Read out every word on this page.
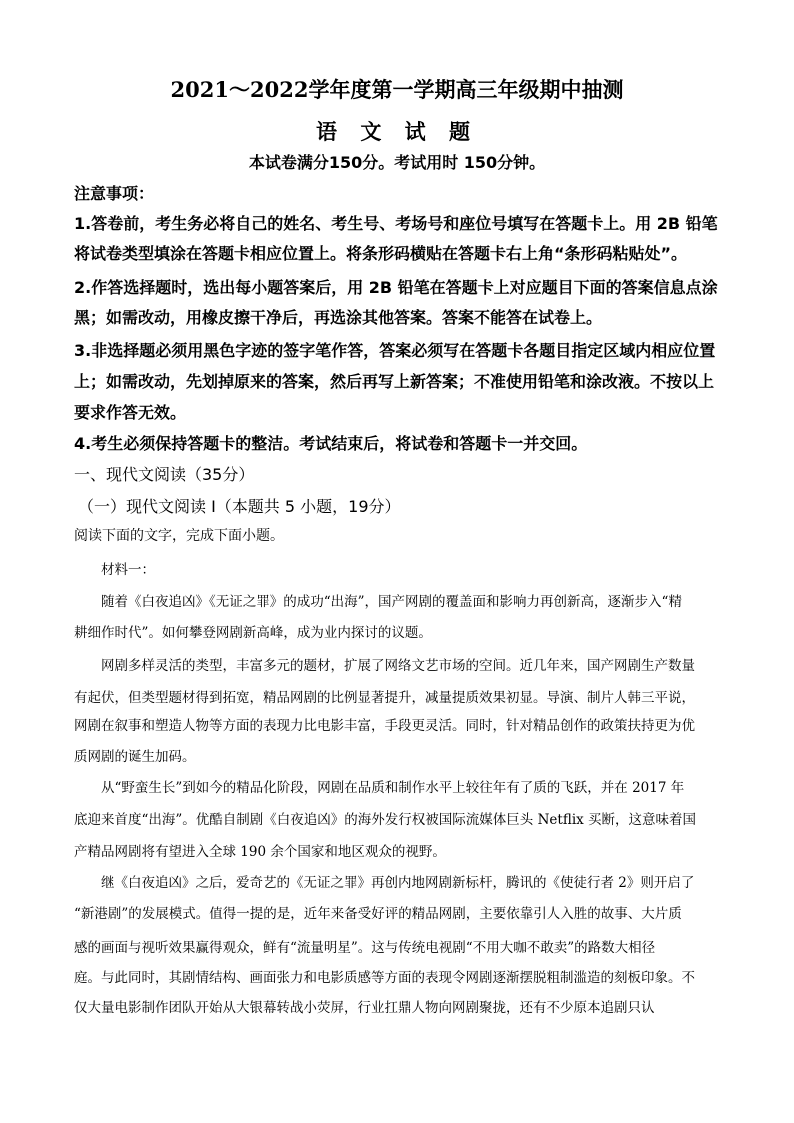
2021～2022学年度第一学期高三年级期中抽测
语 文 试 题
本试卷满分150分。考试用时 150分钟。
注意事项：
1.答卷前，考生务必将自己的姓名、考生号、考场号和座位号填写在答题卡上。用 2B 铅笔
将试卷类型填涂在答题卡相应位置上。将条形码横贴在答题卡右上角“条形码粘贴处”。
2.作答选择题时，选出每小题答案后，用 2B 铅笔在答题卡上对应题目下面的答案信息点涂
黑；如需改动，用橡皮擦干净后，再选涂其他答案。答案不能答在试卷上。
3.非选择题必须用黑色字迹的签字笔作答，答案必须写在答题卡各题目指定区域内相应位置
上；如需改动，先划掉原来的答案，然后再写上新答案；不准使用铅笔和涂改液。不按以上
要求作答无效。
4.考生必须保持答题卡的整洁。考试结束后，将试卷和答题卡一并交回。
一、现代文阅读（35分）
（一）现代文阅读 I（本题共 5 小题，19分）
阅读下面的文字，完成下面小题。
材料一：
随着《白夜追凶》《无证之罪》的成功“出海”，国产网剧的覆盖面和影响力再创新高，逐渐步入“精
耕细作时代”。如何攀登网剧新高峰，成为业内探讨的议题。
网剧多样灵活的类型，丰富多元的题材，扩展了网络文艺市场的空间。近几年来，国产网剧生产数量
有起伏，但类型题材得到拓宽，精品网剧的比例显著提升，减量提质效果初显。导演、制片人韩三平说，
网剧在叙事和塑造人物等方面的表现力比电影丰富，手段更灵活。同时，针对精品创作的政策扶持更为优
质网剧的诞生加码。
从“野蛮生长”到如今的精品化阶段，网剧在品质和制作水平上较往年有了质的飞跃，并在 2017 年
底迎来首度“出海”。优酷自制剧《白夜追凶》的海外发行权被国际流媒体巨头 Netflix 买断，这意味着国
产精品网剧将有望进入全球 190 余个国家和地区观众的视野。
继《白夜追凶》之后，爱奇艺的《无证之罪》再创内地网剧新标杆，腾讯的《使徒行者 2》则开启了
“新港剧”的发展模式。值得一提的是，近年来备受好评的精品网剧，主要依靠引人入胜的故事、大片质
感的画面与视听效果赢得观众，鲜有“流量明星”。这与传统电视剧“不用大咖不敢卖”的路数大相径
庭。与此同时，其剧情结构、画面张力和电影质感等方面的表现令网剧逐渐摆脱粗制滥造的刻板印象。不
仅大量电影制作团队开始从大银幕转战小荧屏，行业扛鼎人物向网剧聚拢，还有不少原本追剧只认
